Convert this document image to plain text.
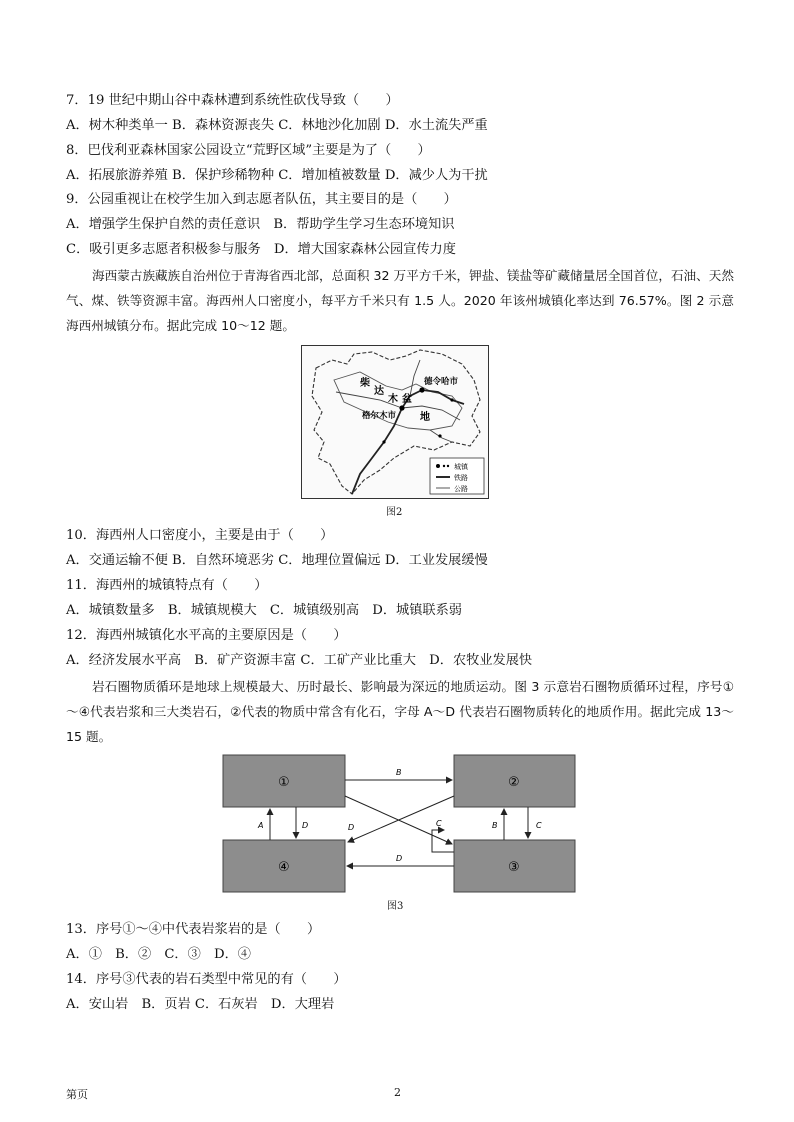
7．19 世纪中期山谷中森林遭到系统性砍伐导致（　　）
A．树木种类单一 B．森林资源丧失 C．林地沙化加剧 D．水土流失严重
8．巴伐利亚森林国家公园设立“荒野区域”主要是为了（　　）
A．拓展旅游养殖 B．保护珍稀物种 C．增加植被数量 D．减少人为干扰
9．公园重视让在校学生加入到志愿者队伍，其主要目的是（　　）
A．增强学生保护自然的责任意识　B．帮助学生学习生态环境知识
C．吸引更多志愿者积极参与服务　D．增大国家森林公园宣传力度
海西蒙古族藏族自治州位于青海省西北部，总面积 32 万平方千米，钾盐、镁盐等矿藏储量居全国首位，石油、天然气、煤、铁等资源丰富。海西州人口密度小，每平方千米只有 1.5 人。2020 年该州城镇化率达到 76.57%。图 2 示意海西州城镇分布。据此完成 10～12 题。
柴
达
木 盆
地
德令哈市
格尔木市
城镇
铁路
公路
图2
10．海西州人口密度小，主要是由于（　　）
A．交通运输不便 B．自然环境恶劣 C．地理位置偏远 D．工业发展缓慢
11．海西州的城镇特点有（　　）
A．城镇数量多　B．城镇规模大　C．城镇级别高　D．城镇联系弱
12．海西州城镇化水平高的主要原因是（　　）
A．经济发展水平高　B．矿产资源丰富 C．工矿产业比重大　D．农牧业发展快
岩石圈物质循环是地球上规模最大、历时最长、影响最为深远的地质运动。图 3 示意岩石圈物质循环过程，序号①～④代表岩浆和三大类岩石，②代表的物质中常含有化石，字母 A～D 代表岩石圈物质转化的地质作用。据此完成 13～15 题。
①	②
③
④
B
A	D	B	C
D	C
D
图3
13．序号①～④中代表岩浆岩的是（　　）
A．①　B．②　C．③　D．④
14．序号③代表的岩石类型中常见的有（　　）
A．安山岩　B．页岩 C．石灰岩　D．大理岩
第页	2
